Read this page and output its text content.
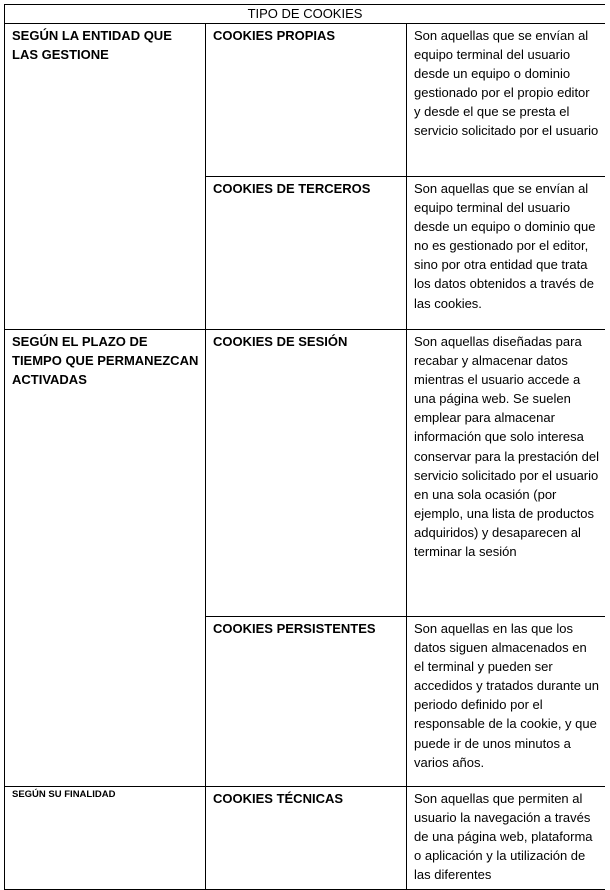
TIPO DE COOKIES		
SEGÚN LA ENTIDAD QUE LAS GESTIONE	COOKIES PROPIAS	Son aquellas que se envían al equipo terminal del usuario desde un equipo o dominio gestionado por el propio editor y desde el que se presta el servicio solicitado por el usuario
	COOKIES DE TERCEROS	Son aquellas que se envían al equipo terminal del usuario desde un equipo o dominio que no es gestionado por el editor, sino por otra entidad que trata los datos obtenidos a través de las cookies.
SEGÚN EL PLAZO DE TIEMPO QUE PERMANEZCAN ACTIVADAS	COOKIES DE SESIÓN	Son aquellas diseñadas para recabar y almacenar datos mientras el usuario accede a una página web. Se suelen emplear para almacenar información que solo interesa conservar para la prestación del servicio solicitado por el usuario en una sola ocasión (por ejemplo, una lista de productos adquiridos) y desaparecen al terminar la sesión
	COOKIES PERSISTENTES	Son aquellas en las que los datos siguen almacenados en el terminal y pueden ser accedidos y tratados durante un periodo definido por el responsable de la cookie, y que puede ir de unos minutos a varios años.
SEGÚN SU FINALIDAD	COOKIES TÉCNICAS	Son aquellas que permiten al usuario la navegación a través de una página web, plataforma o aplicación y la utilización de las diferentes
